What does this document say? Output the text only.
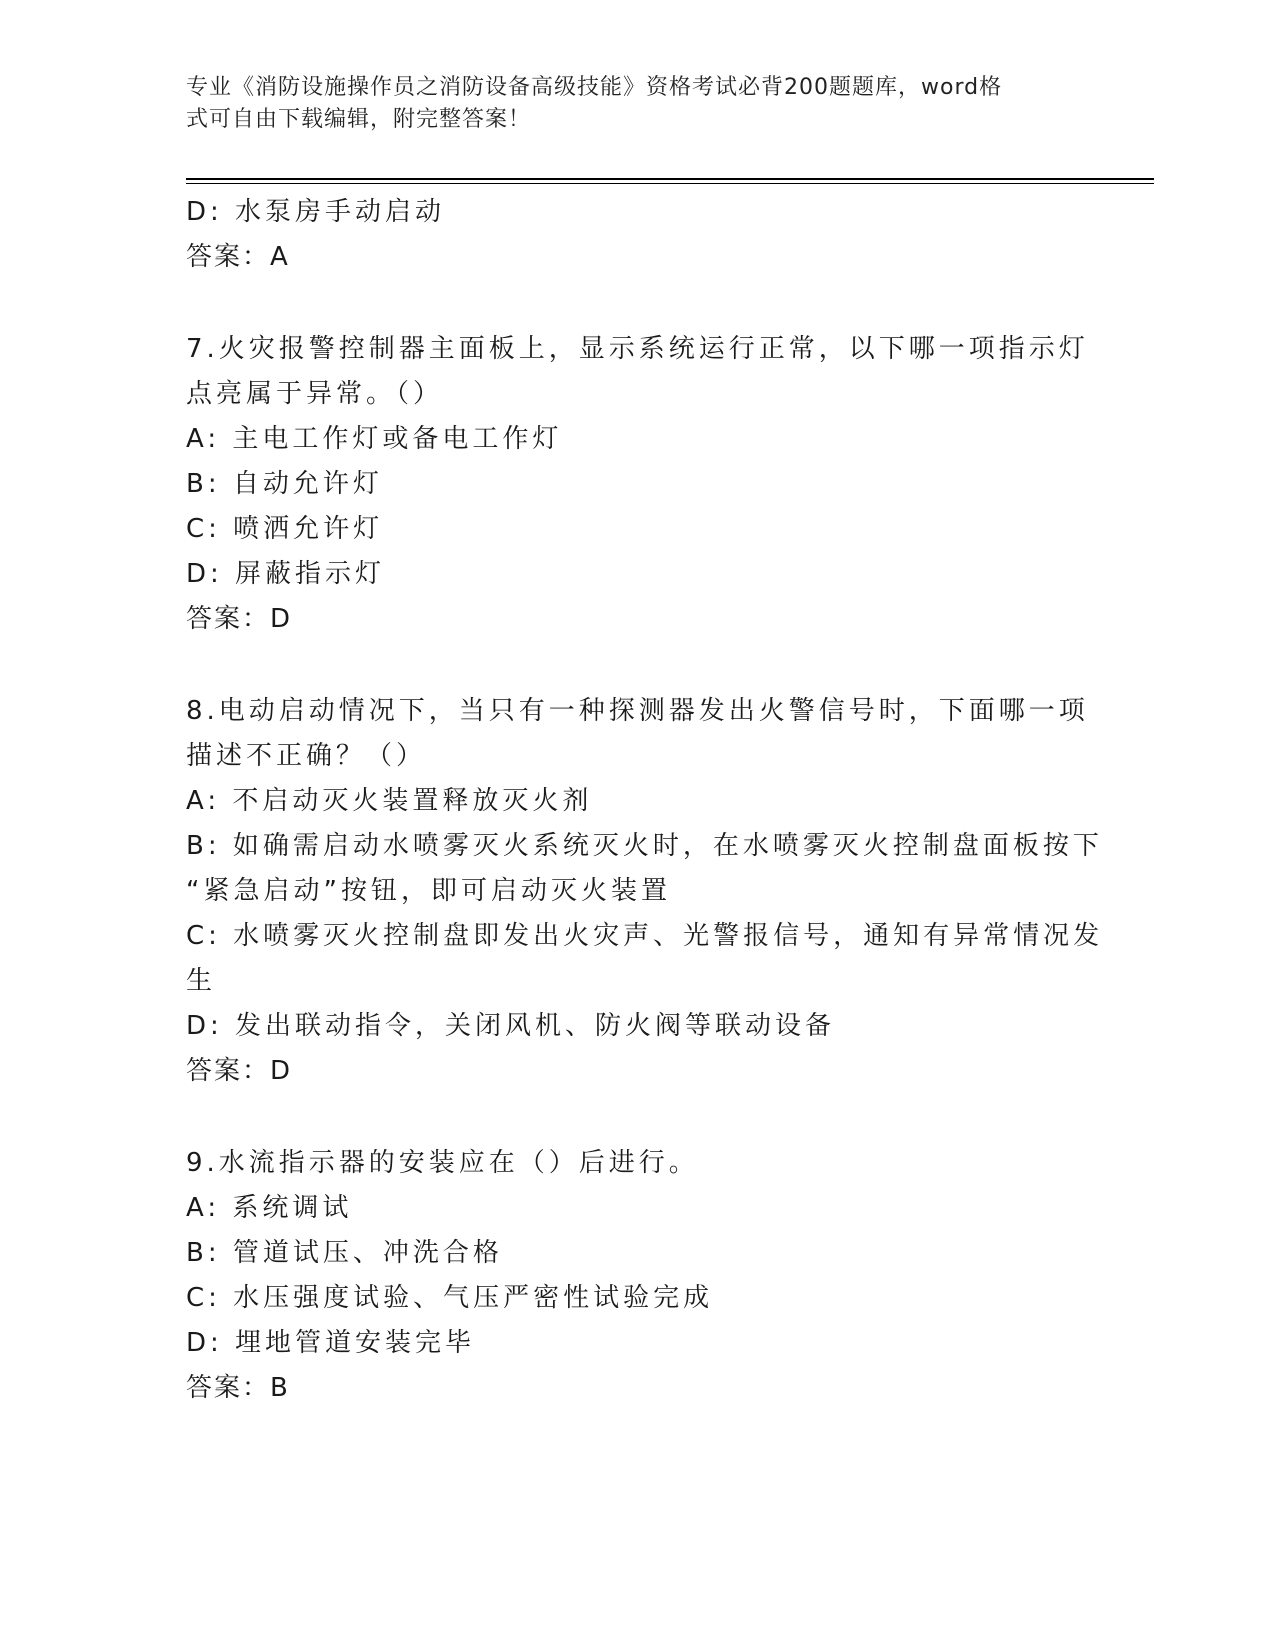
专业《消防设施操作员之消防设备高级技能》资格考试必背200题题库，word格
式可自由下载编辑，附完整答案！
D: 水泵房手动启动
答案：A
7.火灾报警控制器主面板上，显示系统运行正常，以下哪一项指示灯
点亮属于异常。（）
A: 主电工作灯或备电工作灯
B: 自动允许灯
C: 喷洒允许灯
D: 屏蔽指示灯
答案：D
8.电动启动情况下，当只有一种探测器发出火警信号时，下面哪一项
描述不正确？（）
A: 不启动灭火装置释放灭火剂
B: 如确需启动水喷雾灭火系统灭火时，在水喷雾灭火控制盘面板按下
“紧急启动”按钮，即可启动灭火装置
C: 水喷雾灭火控制盘即发出火灾声、光警报信号，通知有异常情况发
生
D: 发出联动指令，关闭风机、防火阀等联动设备
答案：D
9.水流指示器的安装应在（）后进行。
A: 系统调试
B: 管道试压、冲洗合格
C: 水压强度试验、气压严密性试验完成
D: 埋地管道安装完毕
答案：B
